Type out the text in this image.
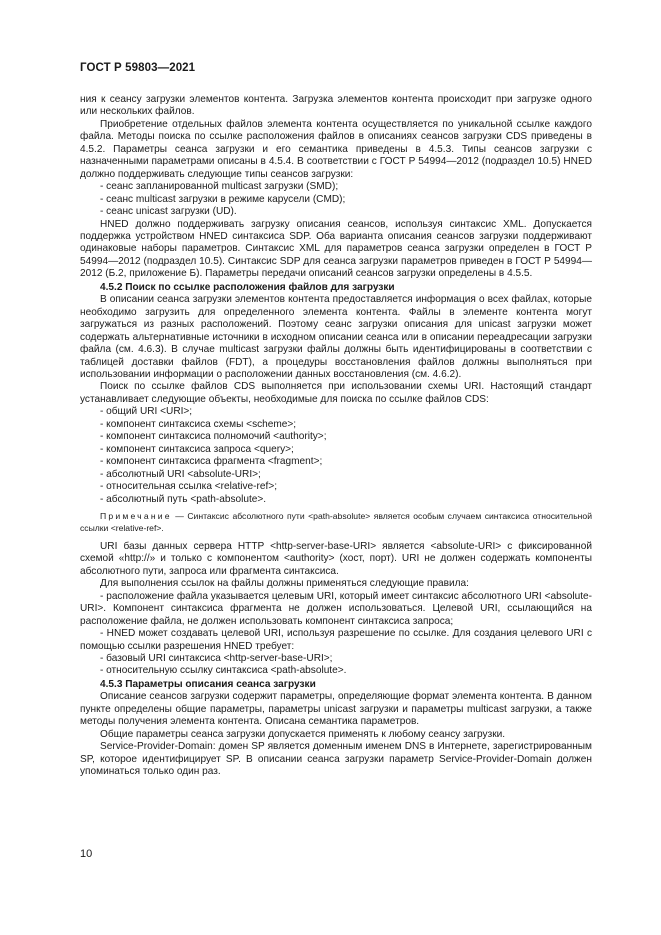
ГОСТ Р 59803—2021

ния к сеансу загрузки элементов контента. Загрузка элементов контента происходит при загрузке одного или нескольких файлов.

Приобретение отдельных файлов элемента контента осуществляется по уникальной ссылке каждого файла. Методы поиска по ссылке расположения файлов в описаниях сеансов загрузки CDS приведены в 4.5.2. Параметры сеанса загрузки и его семантика приведены в 4.5.3. Типы сеансов загрузки с назначенными параметрами описаны в 4.5.4. В соответствии с ГОСТ Р 54994—2012 (подраздел 10.5) HNED должно поддерживать следующие типы сеансов загрузки:

- сеанс запланированной multicast загрузки (SMD);

- сеанс multicast загрузки в режиме карусели (CMD);

- сеанс unicast загрузки (UD).

HNED должно поддерживать загрузку описания сеансов, используя синтаксис XML. Допускается поддержка устройством HNED синтаксиса SDP. Оба варианта описания сеансов загрузки поддерживают одинаковые наборы параметров. Синтаксис XML для параметров сеанса загрузки определен в ГОСТ Р 54994—2012 (подраздел 10.5). Синтаксис SDP для сеанса загрузки параметров приведен в ГОСТ Р 54994—2012 (Б.2, приложение Б). Параметры передачи описаний сеансов загрузки определены в 4.5.5.

4.5.2 Поиск по ссылке расположения файлов для загрузки

В описании сеанса загрузки элементов контента предоставляется информация о всех файлах, которые необходимо загрузить для определенного элемента контента. Файлы в элементе контента могут загружаться из разных расположений. Поэтому сеанс загрузки описания для unicast загрузки может содержать альтернативные источники в исходном описании сеанса или в описании переадресации загрузки файла (см. 4.6.3). В случае multicast загрузки файлы должны быть идентифицированы в соответствии с таблицей доставки файлов (FDT), а процедуры восстановления файлов должны выполняться при использовании информации о расположении данных восстановления (см. 4.6.2).

Поиск по ссылке файлов CDS выполняется при использовании схемы URI. Настоящий стандарт устанавливает следующие объекты, необходимые для поиска по ссылке файлов CDS:

- общий URI <URI>;

- компонент синтаксиса схемы <scheme>;

- компонент синтаксиса полномочий <authority>;

- компонент синтаксиса запроса <query>;

- компонент синтаксиса фрагмента <fragment>;

- абсолютный URI <absolute-URI>;

- относительная ссылка <relative-ref>;

- абсолютный путь <path-absolute>.

Примечание — Синтаксис абсолютного пути <path-absolute> является особым случаем синтаксиса относительной ссылки <relative-ref>.

URI базы данных сервера HTTP <http-server-base-URI> является <absolute-URI> с фиксированной схемой «http://» и только с компонентом <authority> (хост, порт). URI не должен содержать компоненты абсолютного пути, запроса или фрагмента синтаксиса.

Для выполнения ссылок на файлы должны применяться следующие правила:

- расположение файла указывается целевым URI, который имеет синтаксис абсолютного URI <absolute-URI>. Компонент синтаксиса фрагмента не должен использоваться. Целевой URI, ссылающийся на расположение файла, не должен использовать компонент синтаксиса запроса;

- HNED может создавать целевой URI, используя разрешение по ссылке. Для создания целевого URI с помощью ссылки разрешения HNED требует:

- базовый URI синтаксиса <http-server-base-URI>;

- относительную ссылку синтаксиса <path-absolute>.

4.5.3 Параметры описания сеанса загрузки

Описание сеансов загрузки содержит параметры, определяющие формат элемента контента. В данном пункте определены общие параметры, параметры unicast загрузки и параметры multicast загрузки, а также методы получения элемента контента. Описана семантика параметров.

Общие параметры сеанса загрузки допускается применять к любому сеансу загрузки.

Service-Provider-Domain: домен SP является доменным именем DNS в Интернете, зарегистрированным SP, которое идентифицирует SP. В описании сеанса загрузки параметр Service-Provider-Domain должен упоминаться только один раз.

10
